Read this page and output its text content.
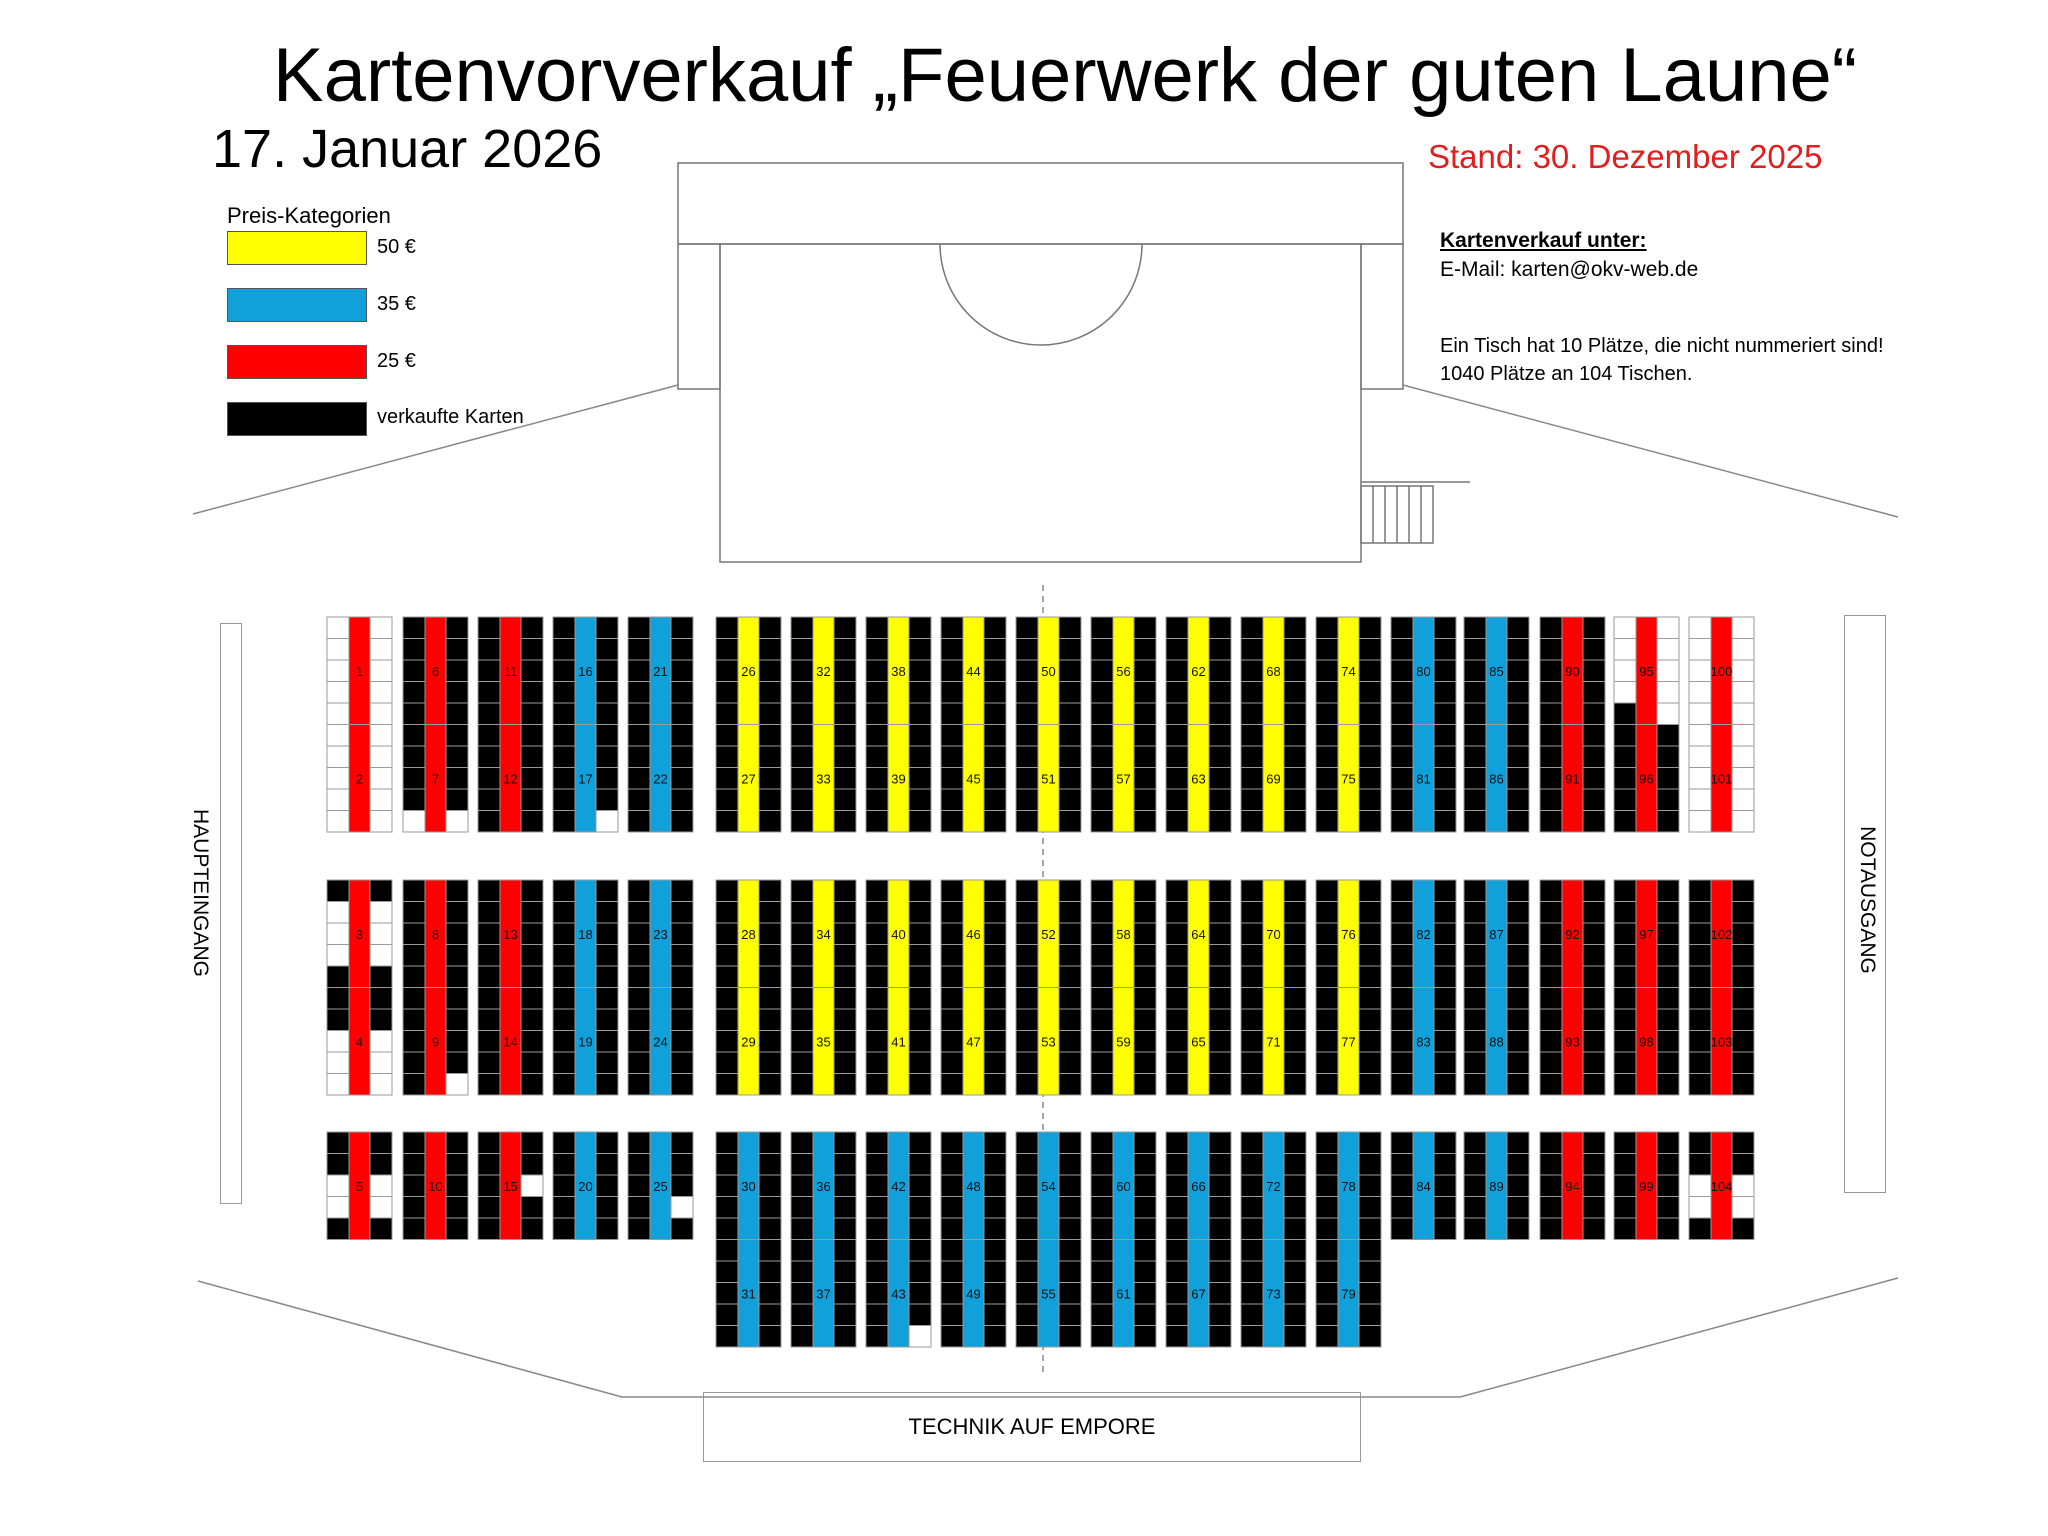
Kartenvorverkauf „Feuerwerk der guten Laune“
17. Januar 2026	Stand: 30. Dezember 2025
Preis-Kategorien
50 €
35 €
25 €
verkaufte Karten
Kartenverkauf unter:
E-Mail: karten@okv-web.de
Ein Tisch hat 10 Plätze, die nicht nummeriert sind!
1040 Plätze an 104 Tischen.
1
2
3
4
5
6
7
8
9
10
11
12
13
14
15
16
17
18
19
20
21
22
23
24
25
26
27
28
29
30
31
32
33
34
35
36
37
38
39
40
41
42
43
44
45
46
47
48
49
50
51
52
53
54
55
56
57
58
59
60
61
62
63
64
65
66
67
68
69
70
71
72
73
74
75
76
77
78
79
80
81
82
83
84
85
86
87
88
89
90
91
92
93
94
95
96
97
98
99
100
101
102
103
104
HAUPTEINGANG	NOTAUSGANG
TECHNIK AUF EMPORE
